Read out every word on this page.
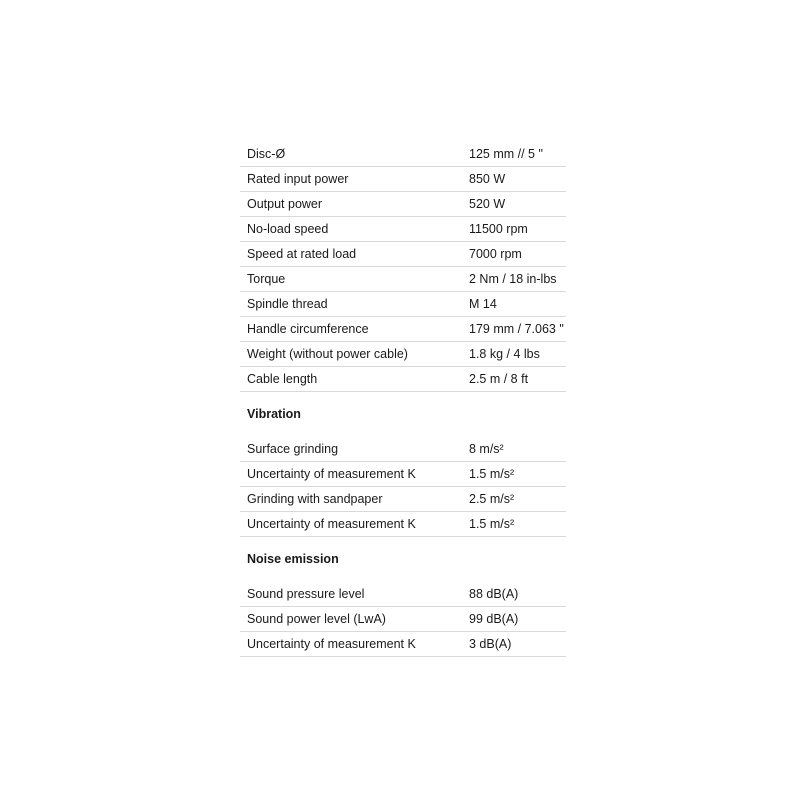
Disc-Ø	125 mm // 5 "
Rated input power	850 W
Output power	520 W
No-load speed	11500 rpm
Speed at rated load	7000 rpm
Torque	2 Nm / 18 in-lbs
Spindle thread	M 14
Handle circumference	179 mm / 7.063 "
Weight (without power cable)	1.8 kg / 4 lbs
Cable length	2.5 m / 8 ft
Vibration
Surface grinding	8 m/s²
Uncertainty of measurement K	1.5 m/s²
Grinding with sandpaper	2.5 m/s²
Uncertainty of measurement K	1.5 m/s²
Noise emission
Sound pressure level	88 dB(A)
Sound power level (LwA)	99 dB(A)
Uncertainty of measurement K	3 dB(A)
